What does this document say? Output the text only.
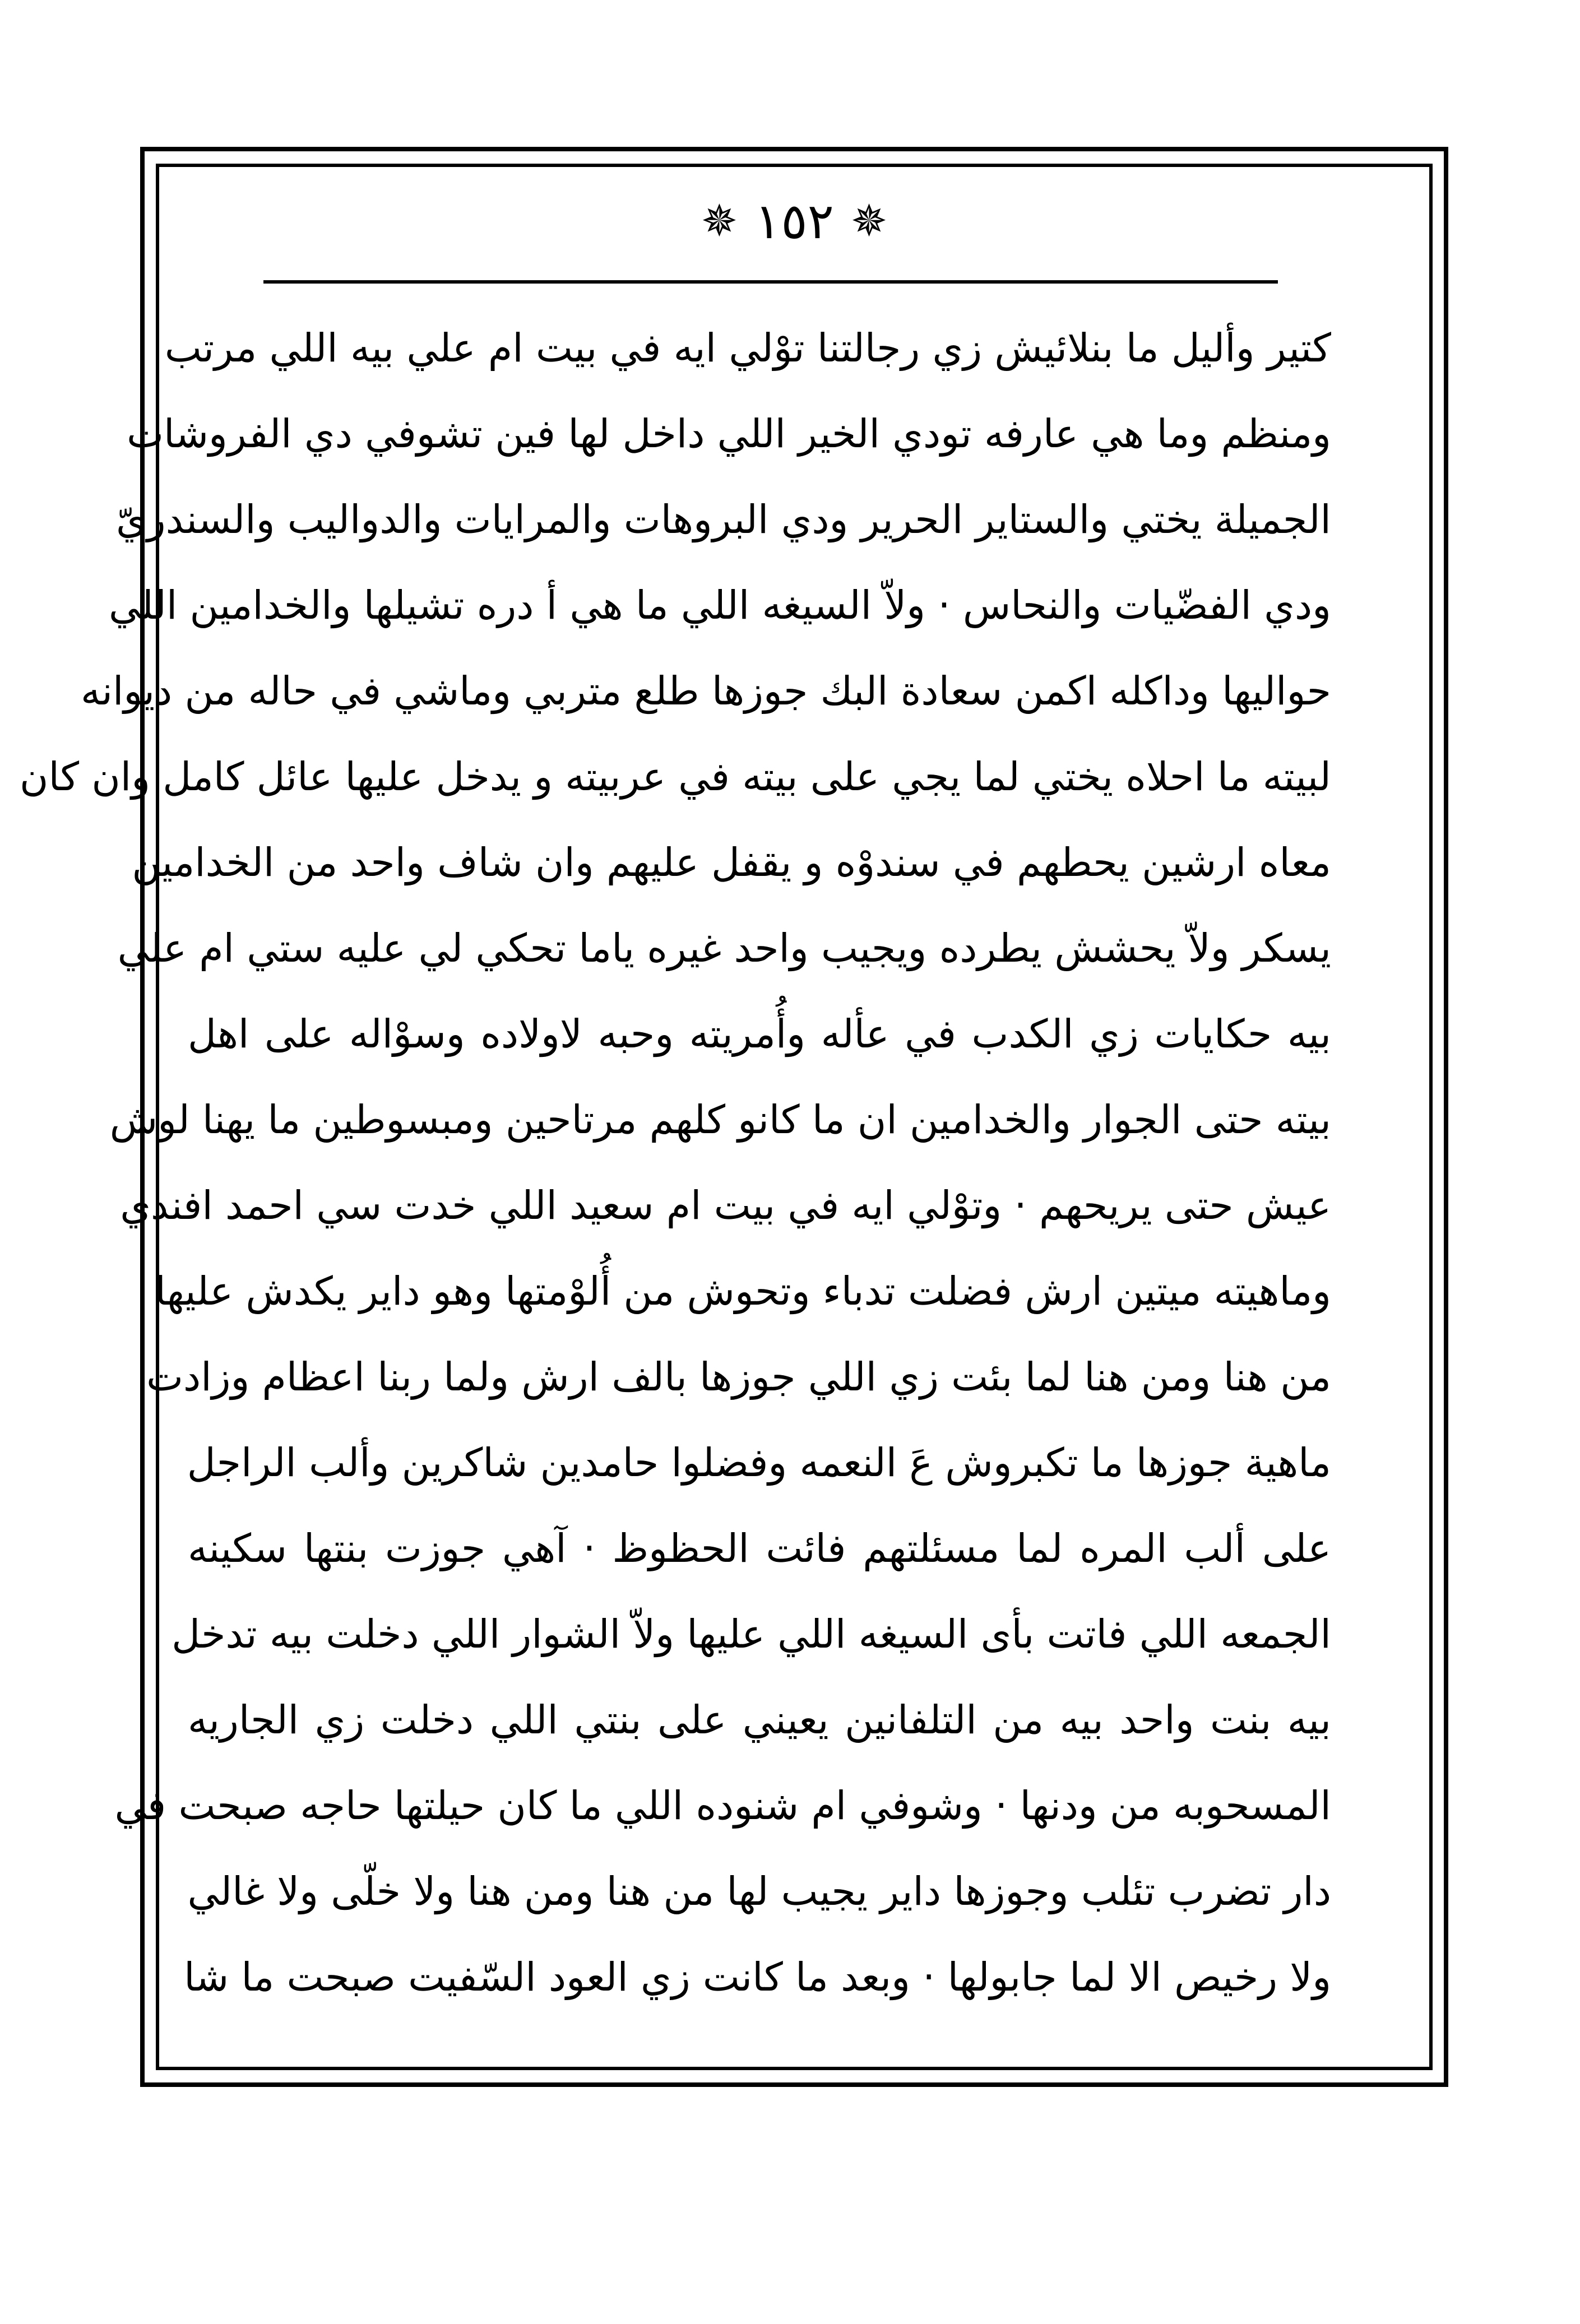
✵ ١٥٢ ✵
كتير وأليل ما بنلائيش زي رجالتنا توْلي ايه في بيت ام علي بيه اللي مرتب
ومنظم وما هي عارفه تودي الخير اللي داخل لها فين تشوفي دي الفروشات
الجميلة يختي والستاير الحرير ودي البروهات والمرايات والدواليب والسندريّ
ودي الفضّيات والنحاس · ولاّ السيغه اللي ما هي أ دره تشيلها والخدامين اللي
حواليها وداكله اكمن سعادة البك جوزها طلع متربي وماشي في حاله من ديوانه
لبيته ما احلاه يختي لما يجي على بيته في عربيته و يدخل عليها عائل كامل وان كان
معاه ارشين يحطهم في سندوْه و يقفل عليهم وان شاف واحد من الخدامين
يسكر ولاّ يحشش يطرده ويجيب واحد غيره ياما تحكي لي عليه ستي ام علي
بيه حكايات زي الكدب في عأله وأُمريته وحبه لاولاده وسوْاله على اهل
بيته حتى الجوار والخدامين ان ما كانو كلهم مرتاحين ومبسوطين ما يهنا لوش
عيش حتى يريحهم · وتوْلي ايه في بيت ام سعيد اللي خدت سي احمد افندي
وماهيته ميتين ارش فضلت تدباء وتحوش من أُلوْمتها وهو داير يكدش عليها
من هنا ومن هنا لما بئت زي اللي جوزها بالف ارش ولما ربنا اعظام وزادت
ماهية جوزها ما تكبروش عَ النعمه وفضلوا حامدين شاكرين وألب الراجل
على ألب المره لما مسئلتهم فائت الحظوظ · آهي جوزت بنتها سكينه
الجمعه اللي فاتت بأى السيغه اللي عليها ولاّ الشوار اللي دخلت بيه تدخل
بيه بنت واحد بيه من التلفانين يعيني على بنتي اللي دخلت زي الجاريه
المسحوبه من ودنها · وشوفي ام شنوده اللي ما كان حيلتها حاجه صبحت في
دار تضرب تئلب وجوزها داير يجيب لها من هنا ومن هنا ولا خلّى ولا غالي
ولا رخيص الا لما جابولها · وبعد ما كانت زي العود السّفيت صبحت ما شا
